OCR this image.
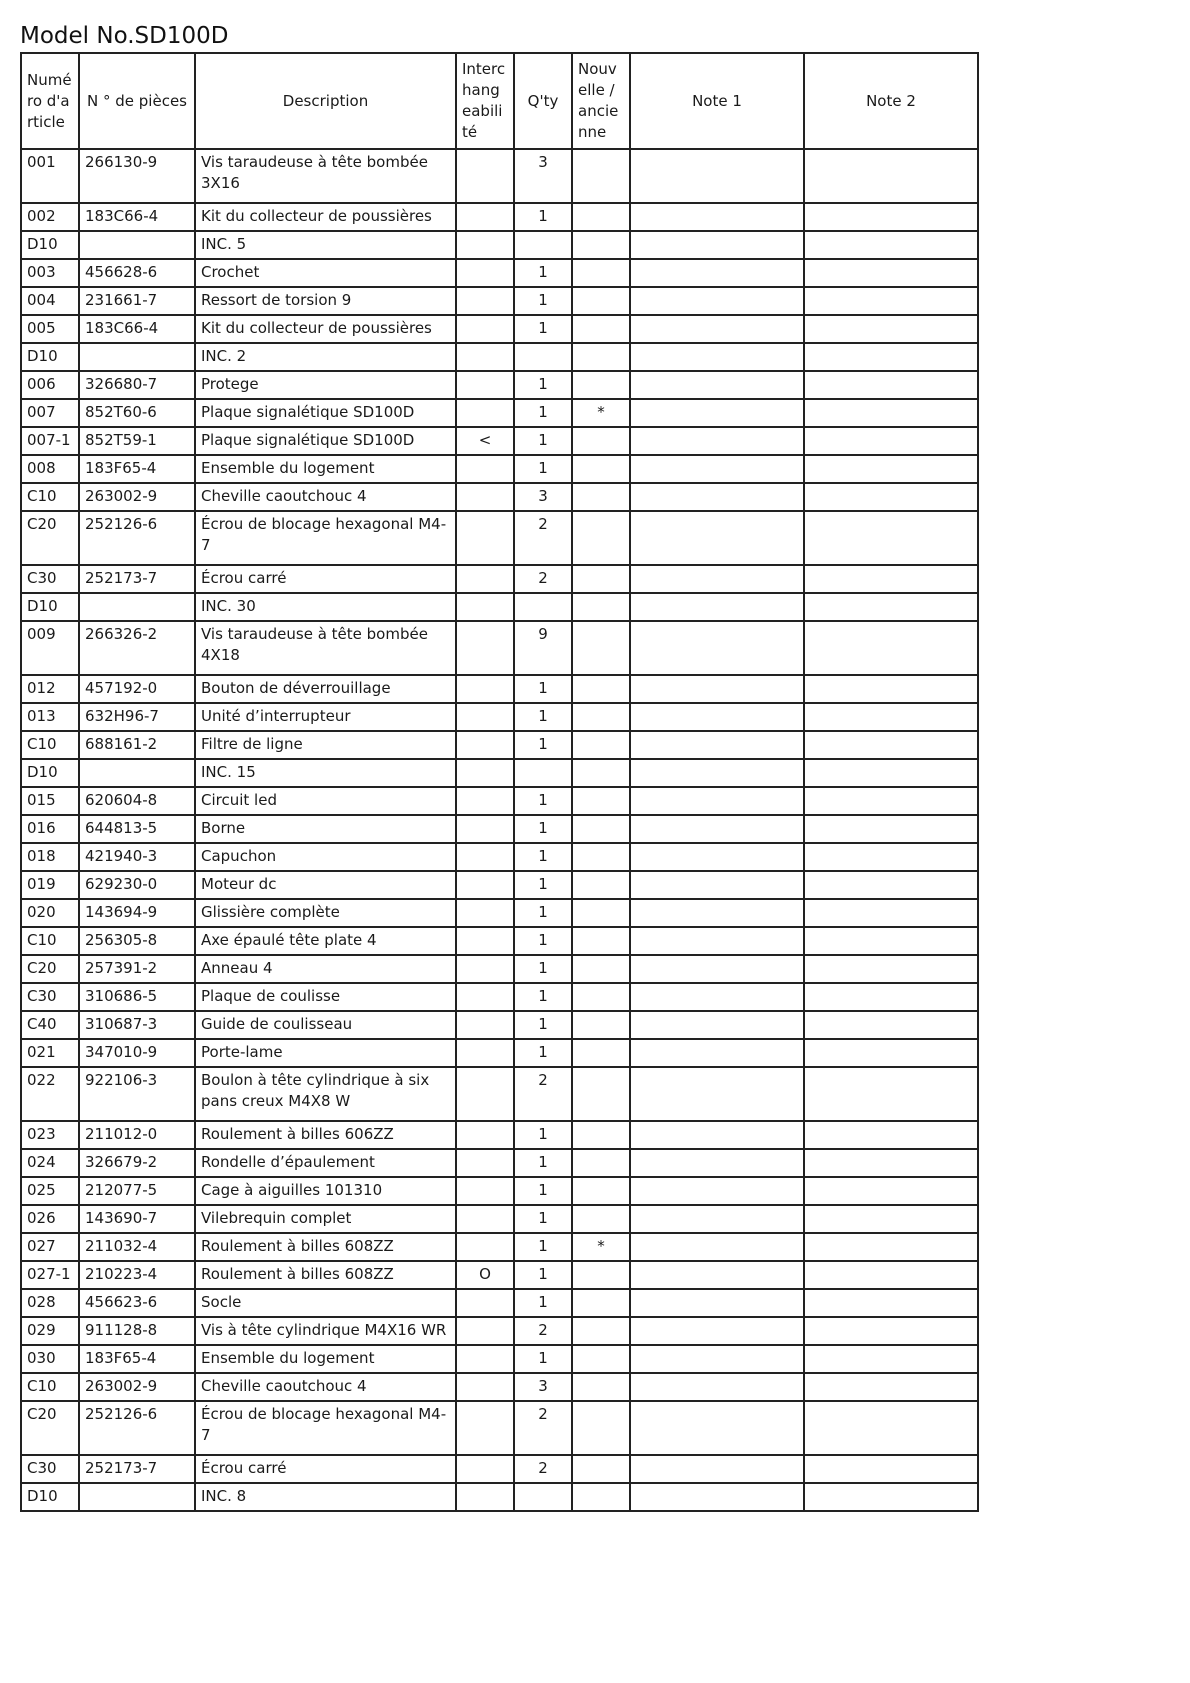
Model No.SD100D
Numéro d'article	N ° de pièces	Description	Interchangeabilité	Q'ty	Nouvelle / ancienne	Note 1	Note 2
001	266130-9	Vis taraudeuse à tête bombée 3X16		3			
002	183C66-4	Kit du collecteur de poussières		1			
D10		INC. 5					
003	456628-6	Crochet		1			
004	231661-7	Ressort de torsion 9		1			
005	183C66-4	Kit du collecteur de poussières		1			
D10		INC. 2					
006	326680-7	Protege		1			
007	852T60-6	Plaque signalétique SD100D		1	*		
007-1	852T59-1	Plaque signalétique SD100D	<	1			
008	183F65-4	Ensemble du logement		1			
C10	263002-9	Cheville caoutchouc 4		3			
C20	252126-6	Écrou de blocage hexagonal M4-7		2			
C30	252173-7	Écrou carré		2			
D10		INC. 30					
009	266326-2	Vis taraudeuse à tête bombée 4X18		9			
012	457192-0	Bouton de déverrouillage		1			
013	632H96-7	Unité d’interrupteur		1			
C10	688161-2	Filtre de ligne		1			
D10		INC. 15					
015	620604-8	Circuit led		1			
016	644813-5	Borne		1			
018	421940-3	Capuchon		1			
019	629230-0	Moteur dc		1			
020	143694-9	Glissière complète		1			
C10	256305-8	Axe épaulé tête plate 4		1			
C20	257391-2	Anneau 4		1			
C30	310686-5	Plaque de coulisse		1			
C40	310687-3	Guide de coulisseau		1			
021	347010-9	Porte-lame		1			
022	922106-3	Boulon à tête cylindrique à six pans creux M4X8 W		2			
023	211012-0	Roulement à billes 606ZZ		1			
024	326679-2	Rondelle d’épaulement		1			
025	212077-5	Cage à aiguilles 101310		1			
026	143690-7	Vilebrequin complet		1			
027	211032-4	Roulement à billes 608ZZ		1	*		
027-1	210223-4	Roulement à billes 608ZZ	O	1			
028	456623-6	Socle		1			
029	911128-8	Vis à tête cylindrique M4X16 WR		2			
030	183F65-4	Ensemble du logement		1			
C10	263002-9	Cheville caoutchouc 4		3			
C20	252126-6	Écrou de blocage hexagonal M4-7		2			
C30	252173-7	Écrou carré		2			
D10		INC. 8					
